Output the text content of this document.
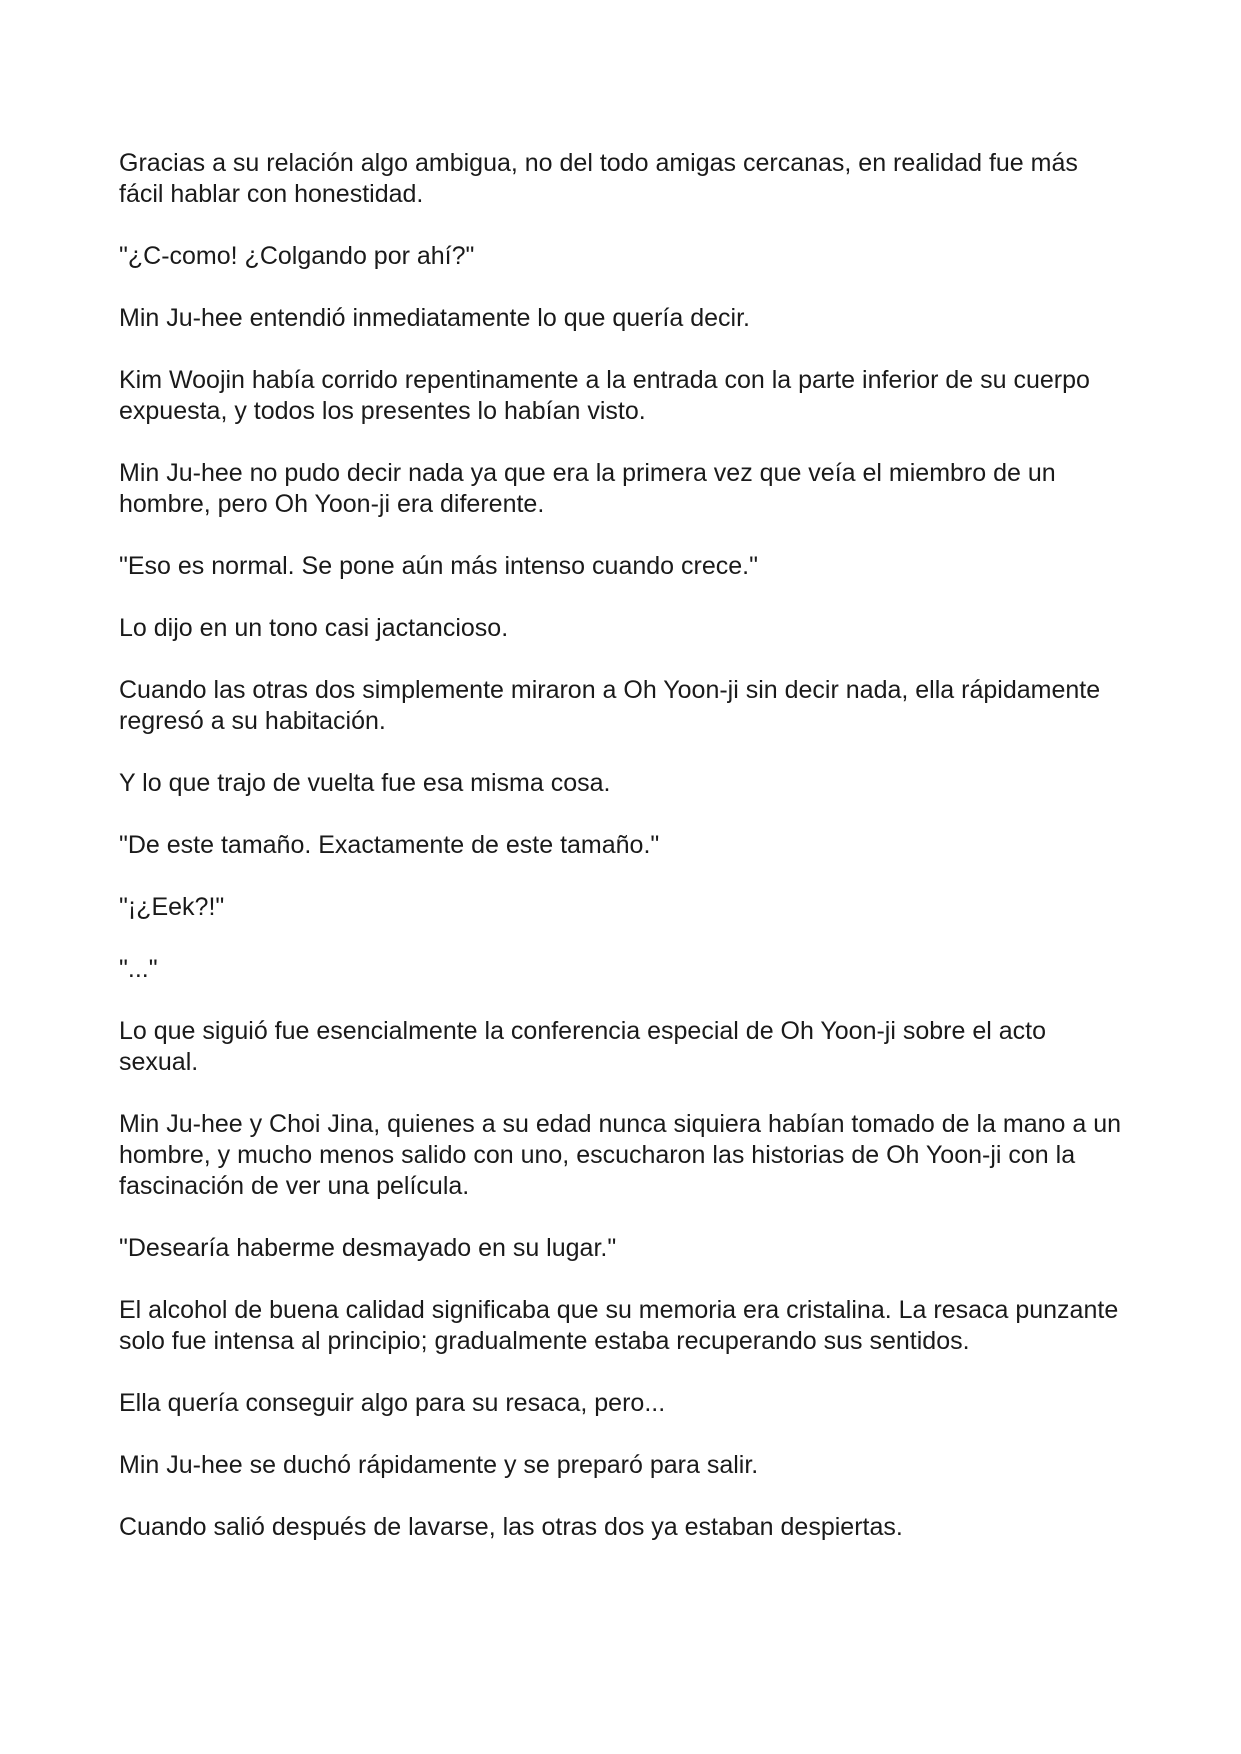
Gracias a su relación algo ambigua, no del todo amigas cercanas, en realidad fue más fácil hablar con honestidad.

"¿C-como! ¿Colgando por ahí?"

Min Ju-hee entendió inmediatamente lo que quería decir.

Kim Woojin había corrido repentinamente a la entrada con la parte inferior de su cuerpo expuesta, y todos los presentes lo habían visto.

Min Ju-hee no pudo decir nada ya que era la primera vez que veía el miembro de un hombre, pero Oh Yoon-ji era diferente.

"Eso es normal. Se pone aún más intenso cuando crece."

Lo dijo en un tono casi jactancioso.

Cuando las otras dos simplemente miraron a Oh Yoon-ji sin decir nada, ella rápidamente regresó a su habitación.

Y lo que trajo de vuelta fue esa misma cosa.

"De este tamaño. Exactamente de este tamaño."

"¡¿Eek?!"

"..."

Lo que siguió fue esencialmente la conferencia especial de Oh Yoon-ji sobre el acto sexual.

Min Ju-hee y Choi Jina, quienes a su edad nunca siquiera habían tomado de la mano a un hombre, y mucho menos salido con uno, escucharon las historias de Oh Yoon-ji con la fascinación de ver una película.

"Desearía haberme desmayado en su lugar."

El alcohol de buena calidad significaba que su memoria era cristalina. La resaca punzante solo fue intensa al principio; gradualmente estaba recuperando sus sentidos.

Ella quería conseguir algo para su resaca, pero...

Min Ju-hee se duchó rápidamente y se preparó para salir.

Cuando salió después de lavarse, las otras dos ya estaban despiertas.
